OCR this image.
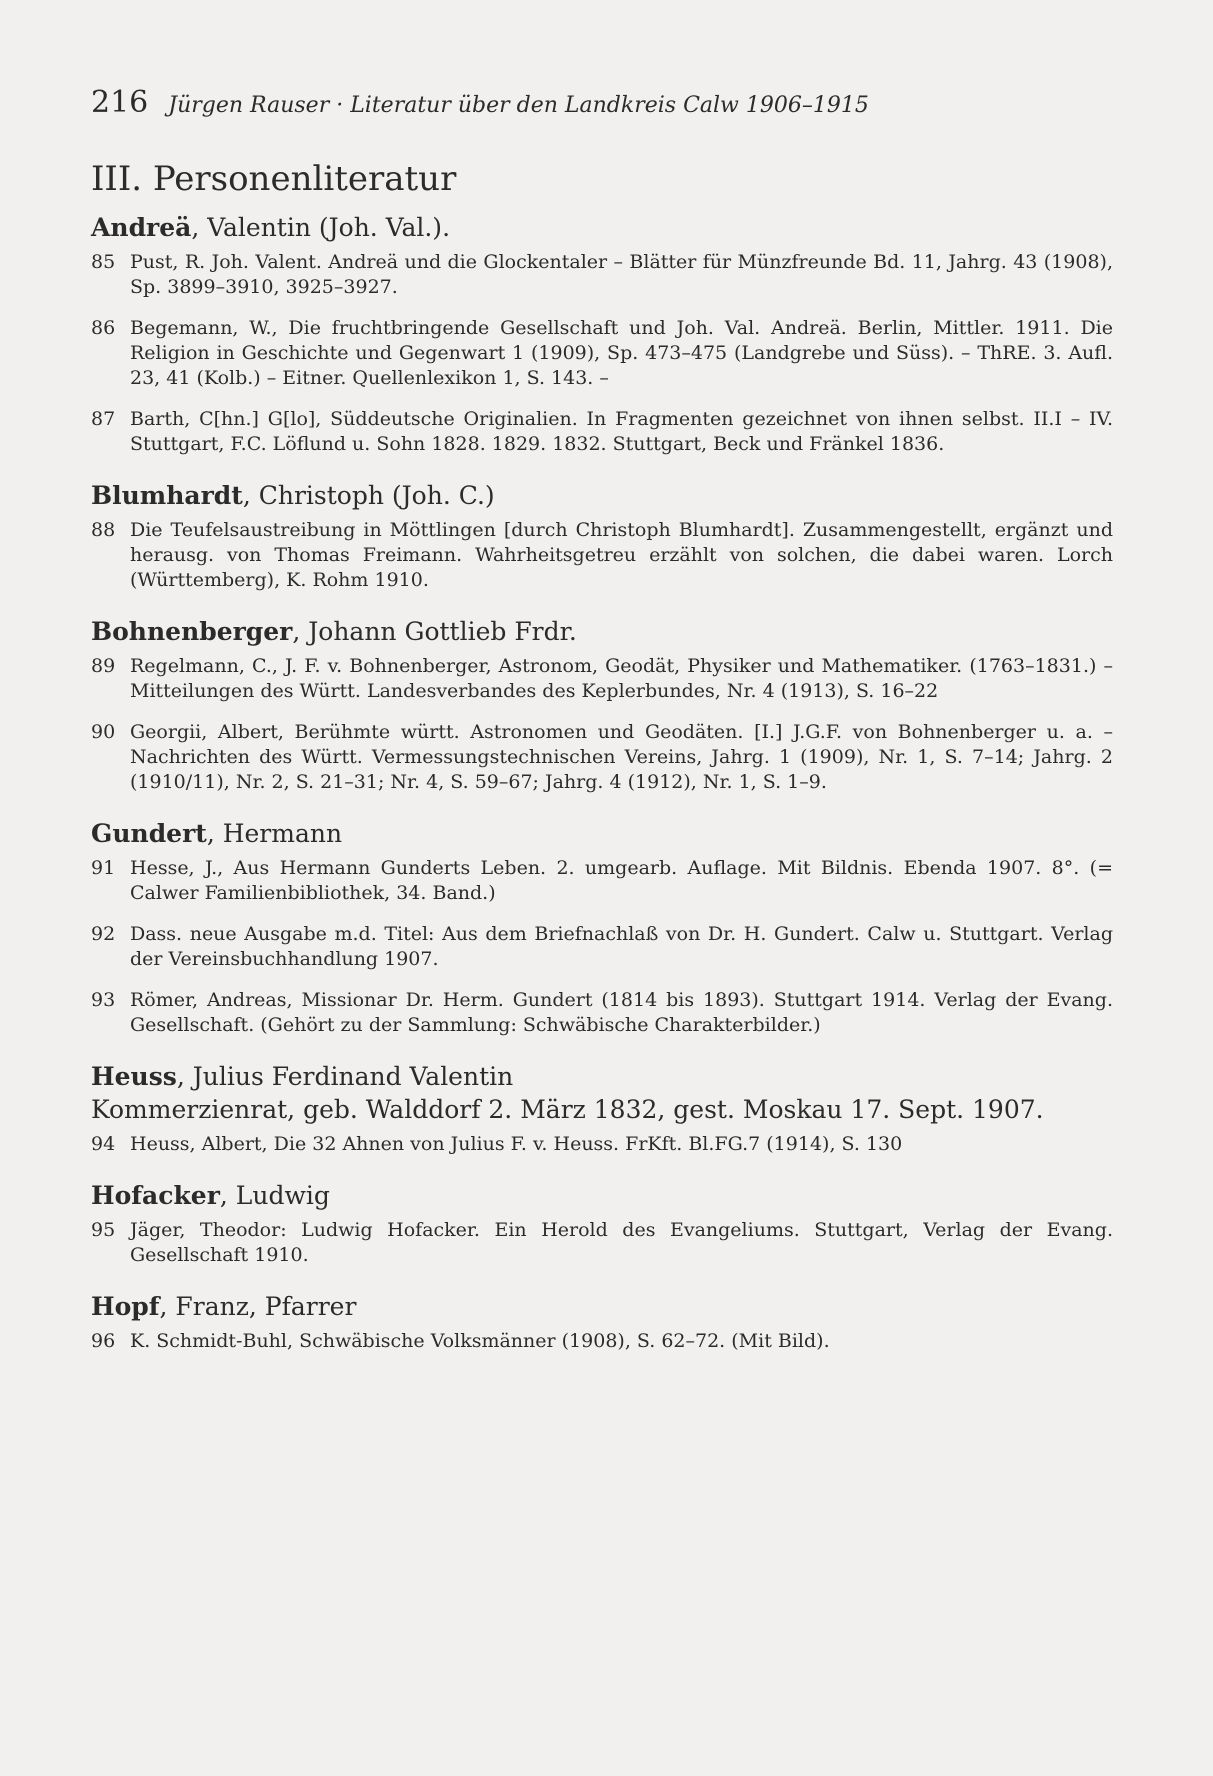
216 Jürgen Rauser · Literatur über den Landkreis Calw 1906–1915
III. Personenliteratur
Andreä, Valentin (Joh. Val.).
85 Pust, R. Joh. Valent. Andreä und die Glockentaler – Blätter für Münzfreunde Bd. 11, Jahrg. 43 (1908), Sp. 3899–3910, 3925–3927.
86 Begemann, W., Die fruchtbringende Gesellschaft und Joh. Val. Andreä. Berlin, Mittler. 1911. Die Religion in Geschichte und Gegenwart 1 (1909), Sp. 473–475 (Landgrebe und Süss). – ThRE. 3. Aufl. 23, 41 (Kolb.) – Eitner. Quellenlexikon 1, S. 143. –
87 Barth, C[hn.] G[lo], Süddeutsche Originalien. In Fragmenten gezeichnet von ihnen selbst. II.I – IV. Stuttgart, F.C. Löflund u. Sohn 1828. 1829. 1832. Stuttgart, Beck und Fränkel 1836.
Blumhardt, Christoph (Joh. C.)
88 Die Teufelsaustreibung in Möttlingen [durch Christoph Blumhardt]. Zusammengestellt, ergänzt und herausg. von Thomas Freimann. Wahrheitsgetreu erzählt von solchen, die dabei waren. Lorch (Württemberg), K. Rohm 1910.
Bohnenberger, Johann Gottlieb Frdr.
89 Regelmann, C., J. F. v. Bohnenberger, Astronom, Geodät, Physiker und Mathematiker. (1763–1831.) – Mitteilungen des Württ. Landesverbandes des Keplerbundes, Nr. 4 (1913), S. 16–22
90 Georgii, Albert, Berühmte württ. Astronomen und Geodäten. [I.] J.G.F. von Bohnenberger u. a. – Nachrichten des Württ. Vermessungstechnischen Vereins, Jahrg. 1 (1909), Nr. 1, S. 7–14; Jahrg. 2 (1910/11), Nr. 2, S. 21–31; Nr. 4, S. 59–67; Jahrg. 4 (1912), Nr. 1, S. 1–9.
Gundert, Hermann
91 Hesse, J., Aus Hermann Gunderts Leben. 2. umgearb. Auflage. Mit Bildnis. Ebenda 1907. 8°. (= Calwer Familienbibliothek, 34. Band.)
92 Dass. neue Ausgabe m.d. Titel: Aus dem Briefnachlaß von Dr. H. Gundert. Calw u. Stuttgart. Verlag der Vereinsbuchhandlung 1907.
93 Römer, Andreas, Missionar Dr. Herm. Gundert (1814 bis 1893). Stuttgart 1914. Verlag der Evang. Gesellschaft. (Gehört zu der Sammlung: Schwäbische Charakterbilder.)
Heuss, Julius Ferdinand Valentin
Kommerzienrat, geb. Walddorf 2. März 1832, gest. Moskau 17. Sept. 1907.
94 Heuss, Albert, Die 32 Ahnen von Julius F. v. Heuss. FrKft. Bl.FG.7 (1914), S. 130
Hofacker, Ludwig
95 Jäger, Theodor: Ludwig Hofacker. Ein Herold des Evangeliums. Stuttgart, Verlag der Evang. Gesellschaft 1910.
Hopf, Franz, Pfarrer
96 K. Schmidt-Buhl, Schwäbische Volksmänner (1908), S. 62–72. (Mit Bild).
